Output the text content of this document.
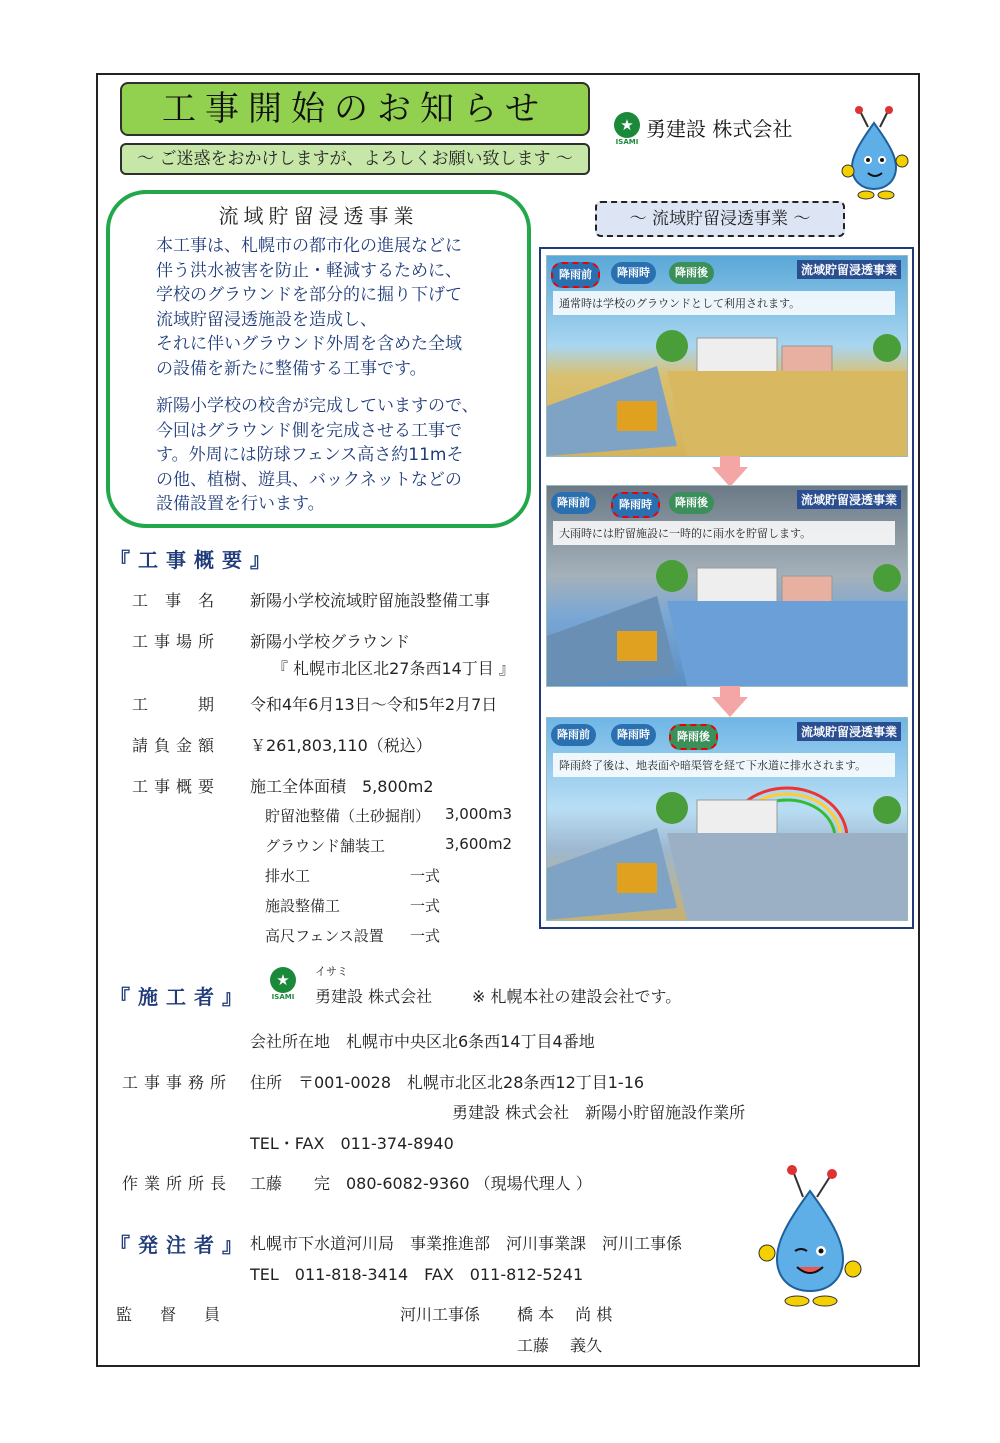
工事開始のお知らせ
～ ご迷惑をおかけしますが、よろしくお願い致します ～
★
ISAMI
勇建設 株式会社
流域貯留浸透事業
本工事は、札幌市の都市化の進展などに
伴う洪水被害を防止・軽減するために、
学校のグラウンドを部分的に掘り下げて
流域貯留浸透施設を造成し、
それに伴いグラウンド外周を含めた全域
の設備を新たに整備する工事です。
新陽小学校の校舎が完成していますので、
今回はグラウンド側を完成させる工事で
す。外周には防球フェンス高さ約11mそ
の他、植樹、遊具、バックネットなどの
設備設置を行います。
～ 流域貯留浸透事業 ～
降雨前	降雨時	降雨後	流域貯留浸透事業
通常時は学校のグラウンドとして利用されます。
降雨前	降雨時	降雨後	流域貯留浸透事業
大雨時には貯留施設に一時的に雨水を貯留します。
降雨前	降雨時	降雨後	流域貯留浸透事業
降雨終了後は、地表面や暗渠管を経て下水道に排水されます。
『工事概要』
工 事 名 新陽小学校流域貯留施設整備工事
工事場所 新陽小学校グラウンド
『 札幌市北区北27条西14丁目 』
工　　期 令和4年6月13日～令和5年2月7日
請負金額 ￥261,803,110（税込）
工事概要 施工全体面積　5,800m2
貯留池整備（土砂掘削） 3,000m3
グラウンド舗装工	3,600m2
排水工	一式
施設整備工	一式
高尺フェンス設置 一式
『施工者』
★
ISAMI
イサミ
勇建設 株式会社 ※ 札幌本社の建設会社です。
会社所在地　札幌市中央区北6条西14丁目4番地
工事事務所 住所　〒001-0028　札幌市北区北28条西12丁目1-16
勇建設 株式会社　新陽小貯留施設作業所
TEL・FAX　011-374-8940
作業所所長 工藤　　完　080-6082-9360 （現場代理人 ）
『発注者』 札幌市下水道河川局　事業推進部　河川事業課　河川工事係
TEL　011-818-3414　FAX　011-812-5241
監　督　員	河川工事係 橋 本　 尚 棋
工藤　 義久
